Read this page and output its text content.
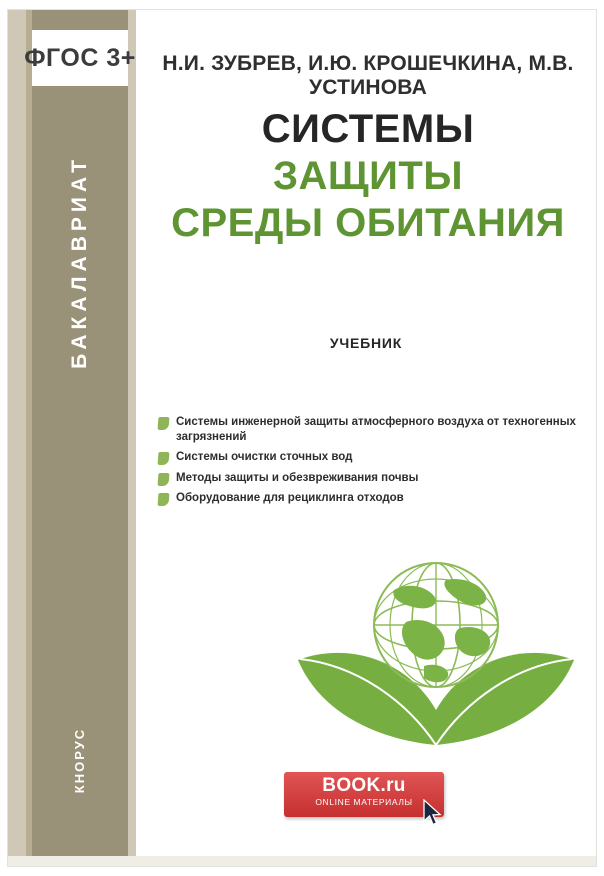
ФГОС 3+
БАКАЛАВРИАТ
КНОРУС
Н.И. ЗУБРЕВ, И.Ю. КРОШЕЧКИНА, М.В. УСТИНОВА
СИСТЕМЫ
ЗАЩИТЫ
СРЕДЫ ОБИТАНИЯ
УЧЕБНИК
Системы инженерной защиты атмосферного воздуха от техногенных загрязнений
Системы очистки сточных вод
Методы защиты и обезвреживания почвы
Оборудование для рециклинга отходов
BOOK.ru
ONLINE МАТЕРИАЛЫ
